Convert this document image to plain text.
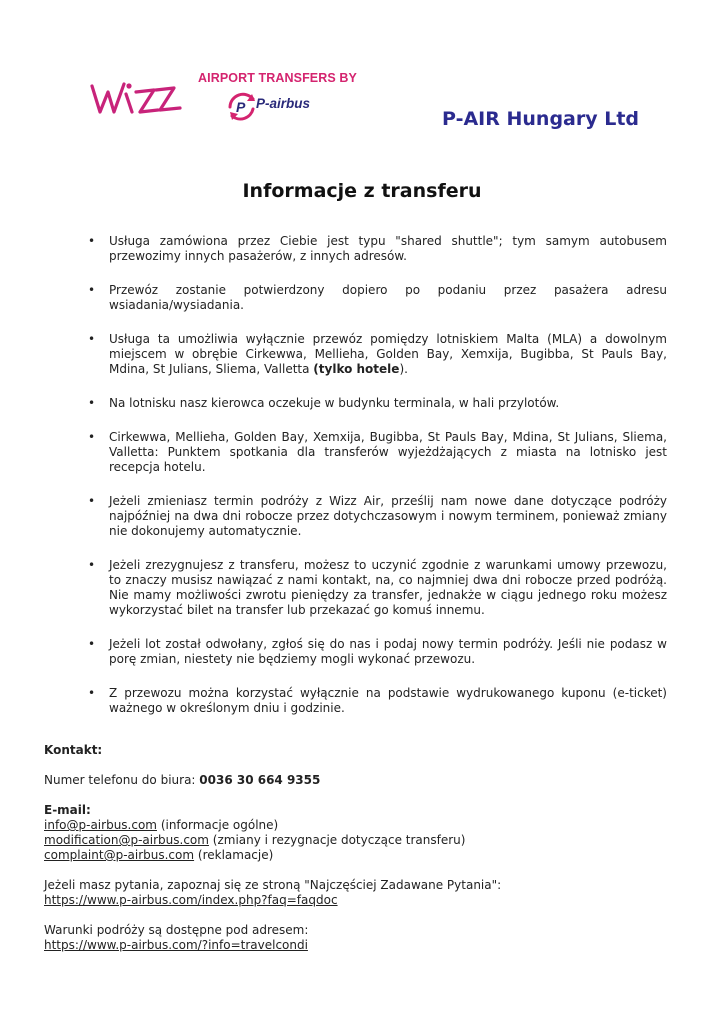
AIRPORT TRANSFERS BY
P P-airbus
P-AIR Hungary Ltd
Informacje z transferu
• Usługa zamówiona przez Ciebie jest typu "shared shuttle"; tym samym autobusem przewozimy innych pasażerów, z innych adresów.
• Przewóz zostanie potwierdzony dopiero po podaniu przez pasażera adresu wsiadania/wysiadania.
• Usługa ta umożliwia wyłącznie przewóz pomiędzy lotniskiem Malta (MLA) a dowolnym miejscem w obrębie Cirkewwa, Mellieha, Golden Bay, Xemxija, Bugibba, St Pauls Bay, Mdina, St Julians, Sliema, Valletta (tylko hotele).
• Na lotnisku nasz kierowca oczekuje w budynku terminala, w hali przylotów.
• Cirkewwa, Mellieha, Golden Bay, Xemxija, Bugibba, St Pauls Bay, Mdina, St Julians, Sliema, Valletta: Punktem spotkania dla transferów wyjeżdżających z miasta na lotnisko jest recepcja hotelu.
• Jeżeli zmieniasz termin podróży z Wizz Air, prześlij nam nowe dane dotyczące podróży najpóźniej na dwa dni robocze przez dotychczasowym i nowym terminem, ponieważ zmiany nie dokonujemy automatycznie.
• Jeżeli zrezygnujesz z transferu, możesz to uczynić zgodnie z warunkami umowy przewozu, to znaczy musisz nawiązać z nami kontakt, na, co najmniej dwa dni robocze przed podróżą. Nie mamy możliwości zwrotu pieniędzy za transfer, jednakże w ciągu jednego roku możesz wykorzystać bilet na transfer lub przekazać go komuś innemu.
• Jeżeli lot został odwołany, zgłoś się do nas i podaj nowy termin podróży. Jeśli nie podasz w porę zmian, niestety nie będziemy mogli wykonać przewozu.
• Z przewozu można korzystać wyłącznie na podstawie wydrukowanego kuponu (e-ticket) ważnego w określonym dniu i godzinie.
Kontakt:
Numer telefonu do biura: 0036 30 664 9355
E-mail:
info@p-airbus.com (informacje ogólne)
modification@p-airbus.com (zmiany i rezygnacje dotyczące transferu)
complaint@p-airbus.com (reklamacje)
Jeżeli masz pytania, zapoznaj się ze stroną "Najczęściej Zadawane Pytania":
https://www.p-airbus.com/index.php?faq=faqdoc
Warunki podróży są dostępne pod adresem:
https://www.p-airbus.com/?info=travelcondi
